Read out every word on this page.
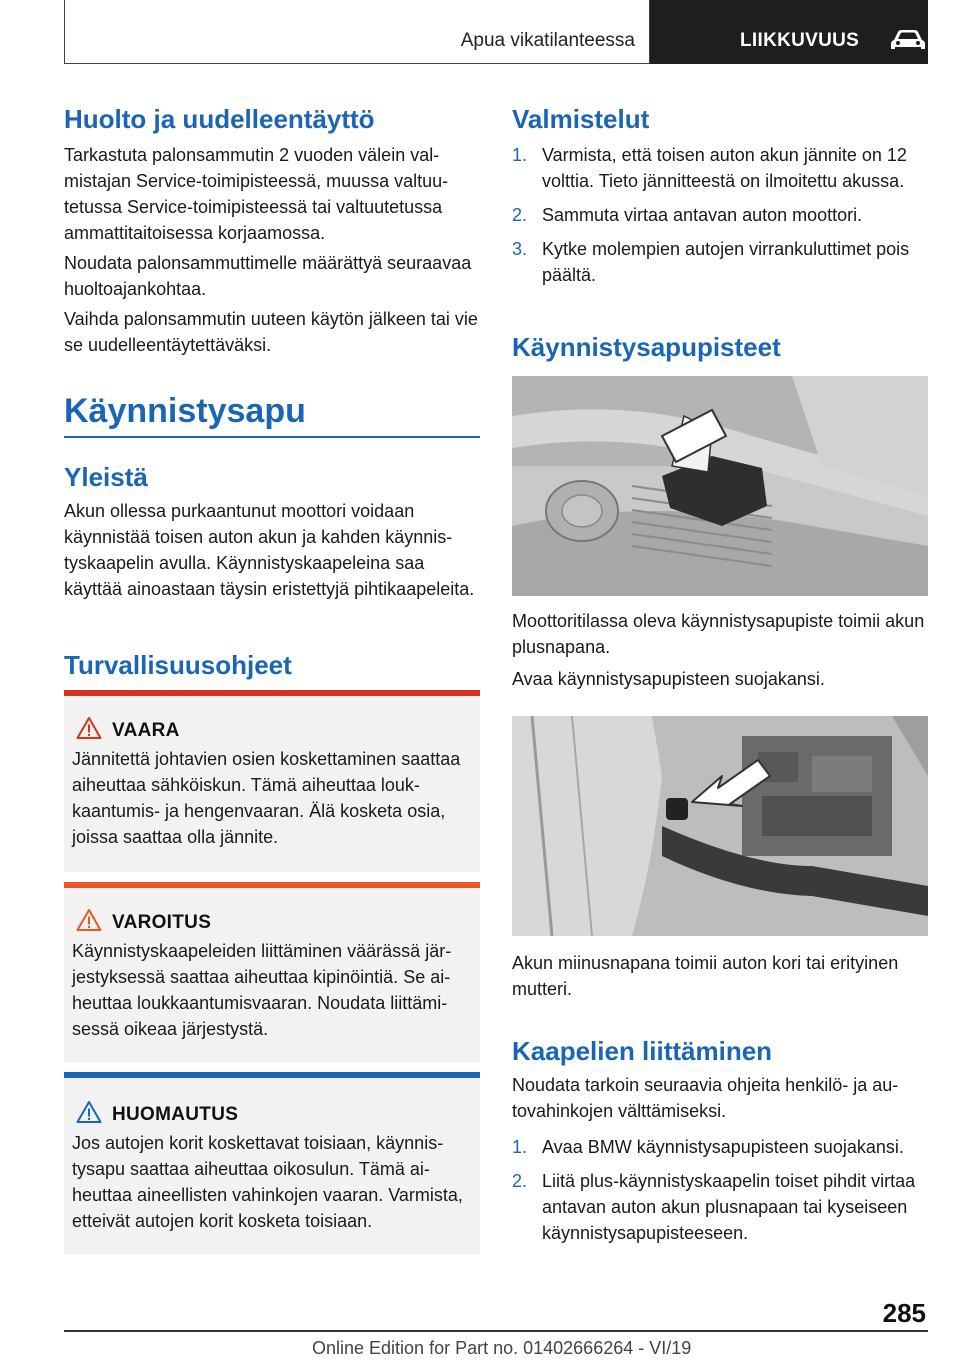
Apua vikatilanteessa	LIIKKUVUUS
Huolto ja uudelleentäyttö

Tarkastuta palonsammutin 2 vuoden välein valmistajan Service-toimipisteessä, muussa valtuutetussa Service-toimipisteessä tai valtuutetussa ammattitaitoisessa korjaamossa.

Noudata palonsammuttimelle määrättyä seuraavaa huoltoajankohtaa.

Vaihda palonsammutin uuteen käytön jälkeen tai vie se uudelleentäytettäväksi.

Käynnistysapu
Yleistä

Akun ollessa purkaantunut moottori voidaan käynnistää toisen auton akun ja kahden käynnistyskaapelin avulla. Käynnistyskaapeleina saa käyttää ainoastaan täysin eristettyjä pihtikaapeleita.

Turvallisuusohjeet
VAARA
Jännitettä johtavien osien koskettaminen saattaa aiheuttaa sähköiskun. Tämä aiheuttaa loukkaantumis- ja hengenvaaran. Älä kosketa osia, joissa saattaa olla jännite.
VAROITUS
Käynnistyskaapeleiden liittäminen väärässä järjestyksessä saattaa aiheuttaa kipinöintiä. Se aiheuttaa loukkaantumisvaaran. Noudata liittämisessä oikeaa järjestystä.
HUOMAUTUS
Jos autojen korit koskettavat toisiaan, käynnistysapu saattaa aiheuttaa oikosulun. Tämä aiheuttaa aineellisten vahinkojen vaaran. Varmista, etteivät autojen korit kosketa toisiaan.
Valmistelut
1. Varmista, että toisen auton akun jännite on 12 volttia. Tieto jännitteestä on ilmoitettu akussa.
2. Sammuta virtaa antavan auton moottori.
3. Kytke molempien autojen virrankuluttimet pois päältä.
Käynnistysapupisteet

Moottoritilassa oleva käynnistysapupiste toimii akun plusnapana.

Avaa käynnistysapupisteen suojakansi.

Akun miinusnapana toimii auton kori tai erityinen mutteri.

Kaapelien liittäminen

Noudata tarkoin seuraavia ohjeita henkilö- ja autovahinkojen välttämiseksi.

1. Avaa BMW käynnistysapupisteen suojakansi.
2. Liitä plus-käynnistyskaapelin toiset pihdit virtaa antavan auton akun plusnapaan tai kyseiseen käynnistysapupisteeseen.
285
Online Edition for Part no. 01402666264 - VI/19
